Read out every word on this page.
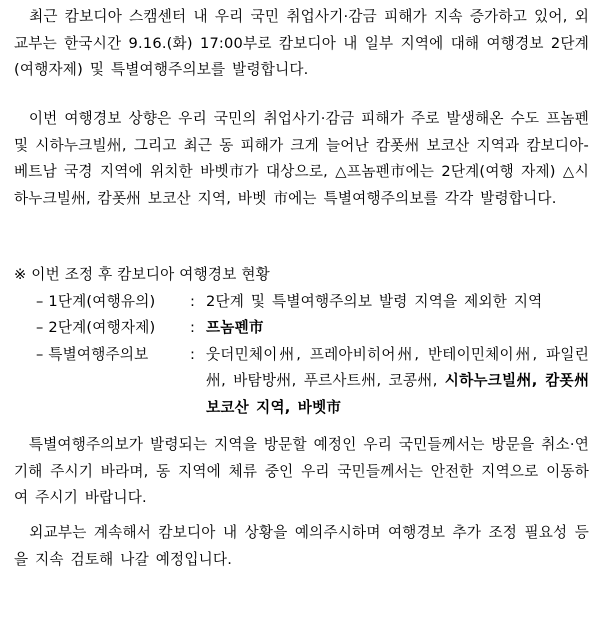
　최근 캄보디아 스캠센터 내 우리 국민 취업사기·감금 피해가 지속 증가하고 있어, 외교부는 한국시간 9.16.(화) 17:00부로 캄보디아 내 일부 지역에 대해 여행경보 2단계(여행자제) 및 특별여행주의보를 발령합니다.

　이번 여행경보 상향은 우리 국민의 취업사기·감금 피해가 주로 발생해온 수도 프놈펜 및 시하누크빌州, 그리고 최근 동 피해가 크게 늘어난 캄폿州 보코산 지역과 캄보디아-베트남 국경 지역에 위치한 바벳市가 대상으로, △프놈펜市에는 2단계(여행 자제) △시하누크빌州, 캄폿州 보코산 지역, 바벳 市에는 특별여행주의보를 각각 발령합니다.

※ 이번 조정 후 캄보디아 여행경보 현황
– 1단계(여행유의)	: 2단계 및 특별여행주의보 발령 지역을 제외한 지역
– 2단계(여행자제)	: 프놈펜市
– 특별여행주의보	: 웃더민체이州, 프레아비히어州, 반테이민체이州, 파일린州, 바탐방州, 푸르사트州, 코콩州, 시하누크빌州, 캄폿州 보코산 지역, 바벳市

　특별여행주의보가 발령되는 지역을 방문할 예정인 우리 국민들께서는 방문을 취소·연기해 주시기 바라며, 동 지역에 체류 중인 우리 국민들께서는 안전한 지역으로 이동하여 주시기 바랍니다.

　외교부는 계속해서 캄보디아 내 상황을 예의주시하며 여행경보 추가 조정 필요성 등을 지속 검토해 나갈 예정입니다.
